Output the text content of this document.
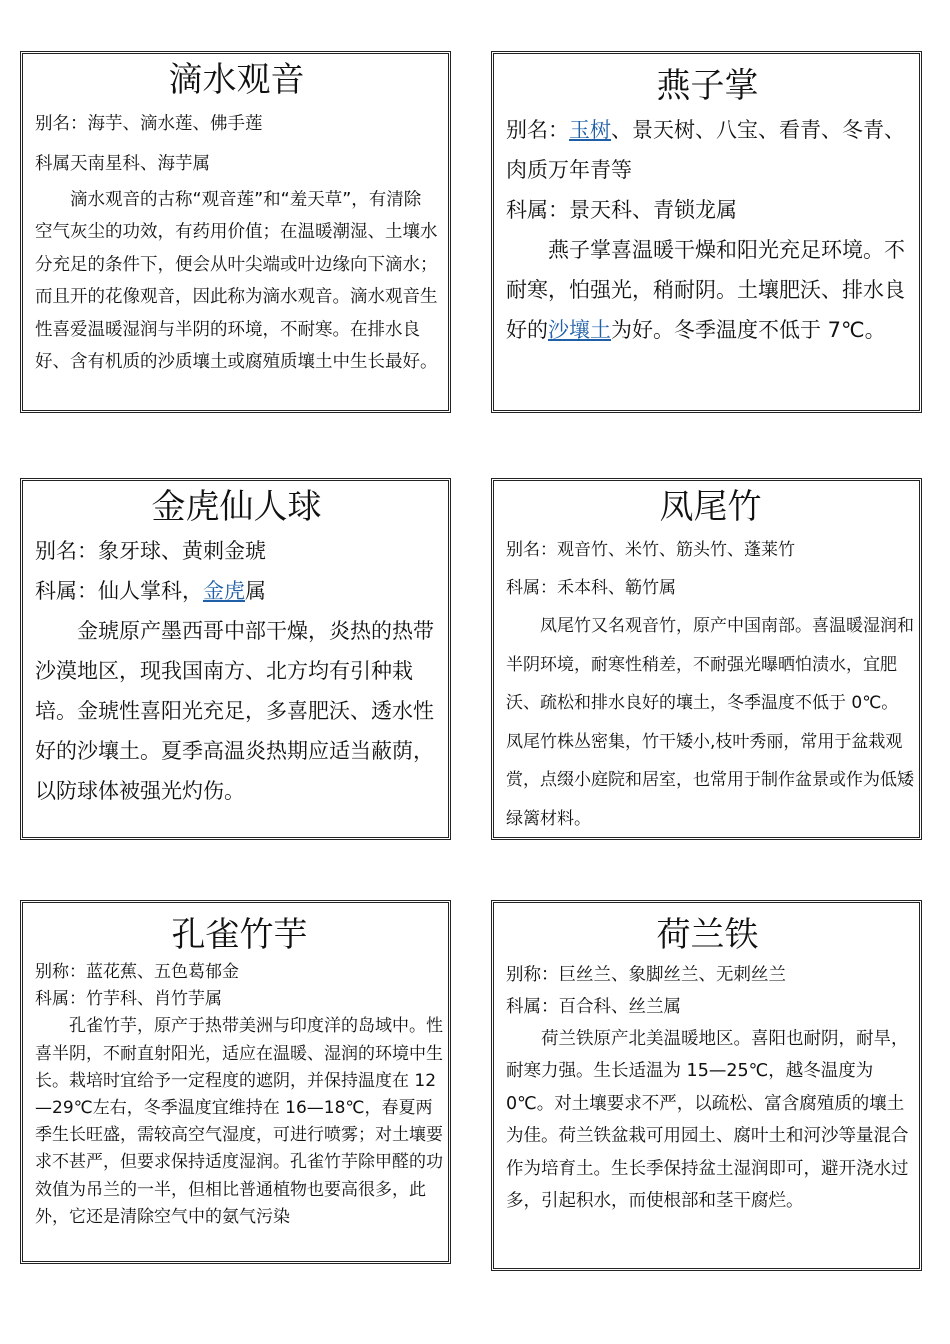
滴水观音

别名：海芋、滴水莲、佛手莲

科属天南星科、海芋属

滴水观音的古称“观音莲”和“羞天草”，有清除空气灰尘的功效，有药用价值；在温暖潮湿、土壤水分充足的条件下，便会从叶尖端或叶边缘向下滴水；而且开的花像观音，因此称为滴水观音。滴水观音生性喜爱温暖湿润与半阴的环境，不耐寒。在排水良好、含有机质的沙质壤土或腐殖质壤土中生长最好。

燕子掌

别名：玉树、景天树、八宝、看青、冬青、肉质万年青等

科属：景天科、青锁龙属

燕子掌喜温暖干燥和阳光充足环境。不耐寒，怕强光，稍耐阴。土壤肥沃、排水良好的沙壤土为好。冬季温度不低于 7℃。

金虎仙人球

别名：象牙球、黄刺金琥

科属：仙人掌科，金虎属

金琥原产墨西哥中部干燥，炎热的热带沙漠地区，现我国南方、北方均有引种栽培。金琥性喜阳光充足，多喜肥沃、透水性好的沙壤土。夏季高温炎热期应适当蔽荫，以防球体被强光灼伤。

凤尾竹

别名：观音竹、米竹、筋头竹、蓬莱竹

科属：禾本科、簕竹属

凤尾竹又名观音竹，原产中国南部。喜温暖湿润和半阴环境，耐寒性稍差，不耐强光曝晒怕渍水，宜肥沃、疏松和排水良好的壤土，冬季温度不低于 0℃。凤尾竹株丛密集，竹干矮小,枝叶秀丽，常用于盆栽观赏，点缀小庭院和居室，也常用于制作盆景或作为低矮绿篱材料。

孔雀竹芋

别称：蓝花蕉、五色葛郁金

科属：竹芋科、肖竹芋属

孔雀竹芋，原产于热带美洲与印度洋的岛域中。性喜半阴，不耐直射阳光，适应在温暖、湿润的环境中生长。栽培时宜给予一定程度的遮阴，并保持温度在 12—29℃左右，冬季温度宜维持在 16—18℃，春夏两季生长旺盛，需较高空气湿度，可进行喷雾；对土壤要求不甚严，但要求保持适度湿润。孔雀竹芋除甲醛的功效值为吊兰的一半，但相比普通植物也要高很多，此外，它还是清除空气中的氨气污染

荷兰铁

别称：巨丝兰、象脚丝兰、无刺丝兰

科属：百合科、丝兰属

荷兰铁原产北美温暖地区。喜阳也耐阴，耐旱，耐寒力强。生长适温为 15—25℃，越冬温度为 0℃。对土壤要求不严，以疏松、富含腐殖质的壤土为佳。荷兰铁盆栽可用园土、腐叶土和河沙等量混合作为培育土。生长季保持盆土湿润即可，避开浇水过多，引起积水，而使根部和茎干腐烂。
